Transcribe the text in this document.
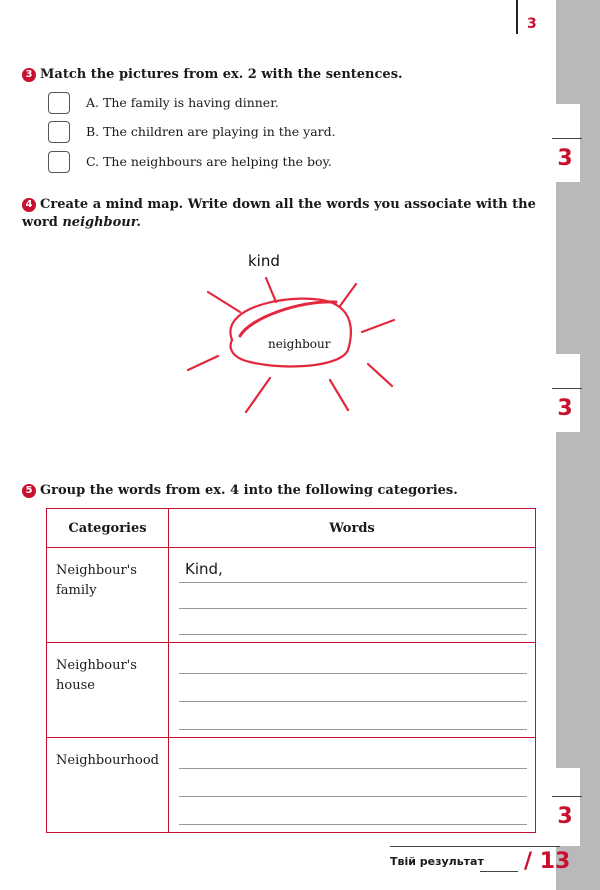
3
3 Match the pictures from ex. 2 with the sentences.
A. The family is having dinner.
B. The children are playing in the yard.
C. The neighbours are helping the boy.	3
4 Create a mind map. Write down all the words you associate with the word neighbour.
kind
neighbour
3
5 Group the words from ex. 4 into the following categories.
Categories	Words

Neighbour's family	Kind,

Neighbour's house	

Neighbourhood	

3
Твій результат / 13
